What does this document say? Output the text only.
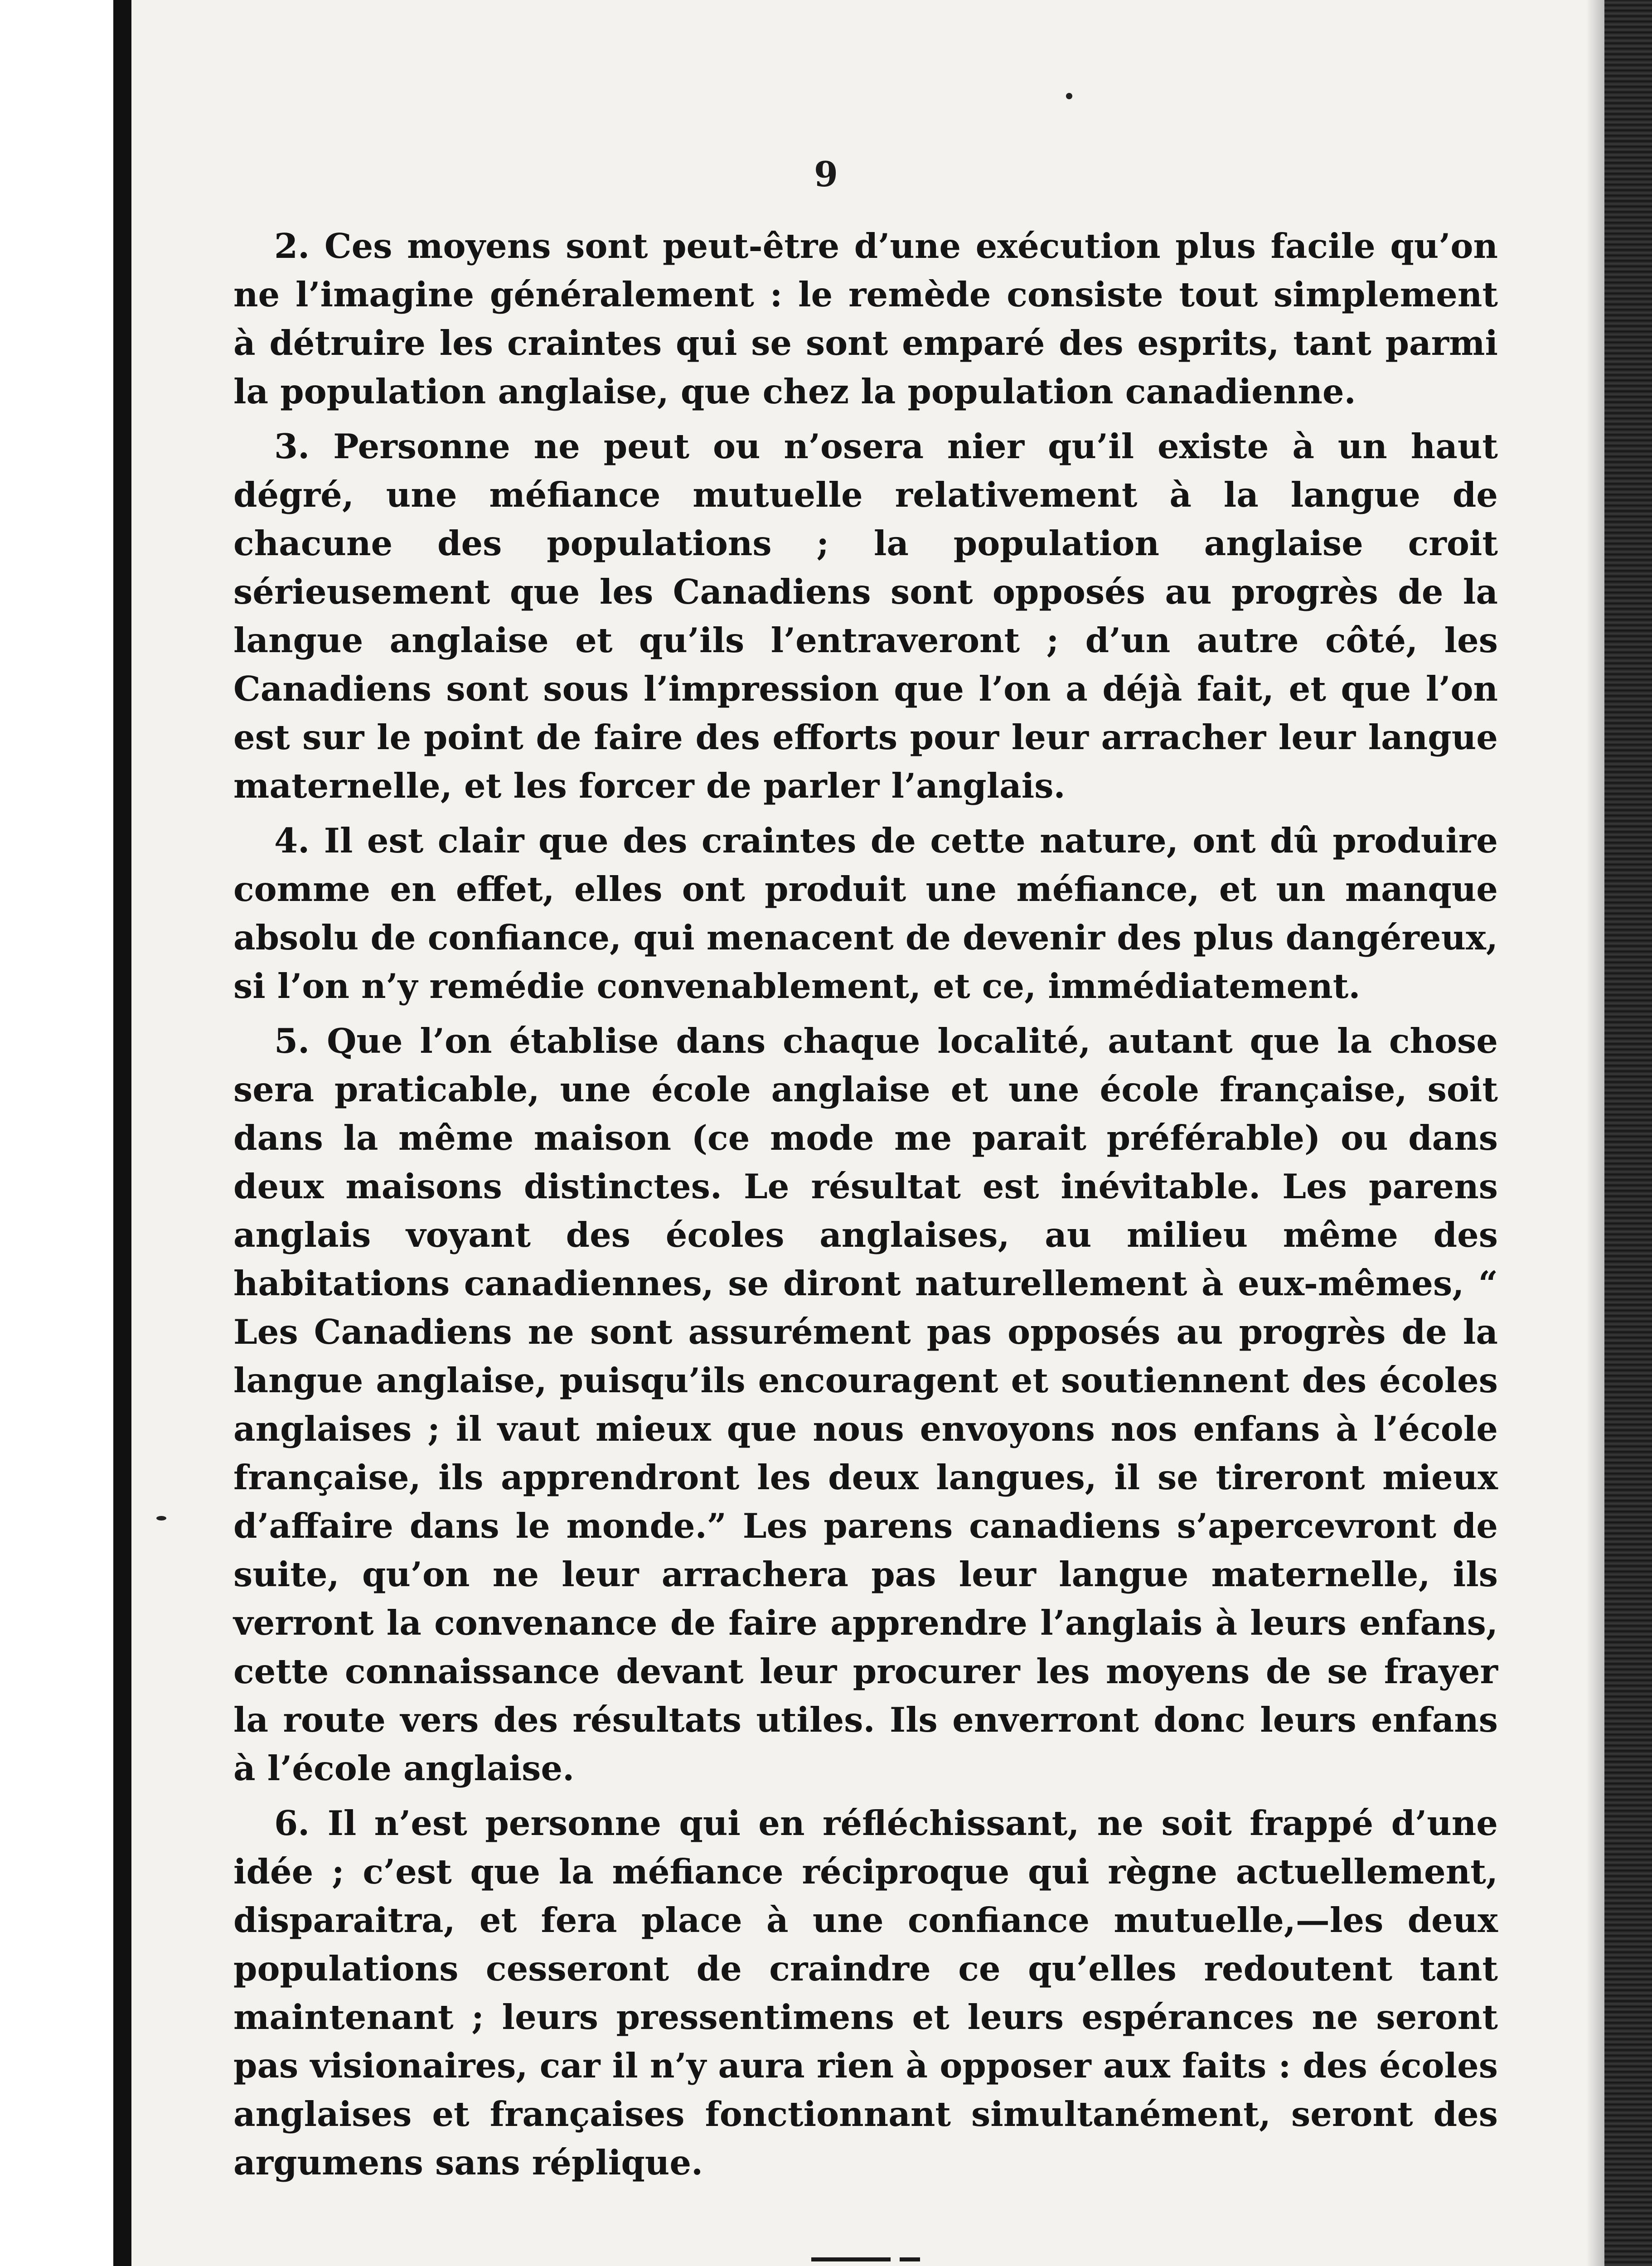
9

2. Ces moyens sont peut-être d’une exécution plus facile qu’on ne l’imagine généralement : le remède consiste tout simplement à détruire les craintes qui se sont emparé des esprits, tant parmi la population anglaise, que chez la population canadienne.

3. Personne ne peut ou n’osera nier qu’il existe à un haut dégré, une méfiance mutuelle relativement à la langue de chacune des populations ; la population anglaise croit sérieusement que les Canadiens sont opposés au progrès de la langue anglaise et qu’ils l’entraveront ; d’un autre côté, les Canadiens sont sous l’impression que l’on a déjà fait, et que l’on est sur le point de faire des efforts pour leur arracher leur langue maternelle, et les forcer de parler l’anglais.

4. Il est clair que des craintes de cette nature, ont dû produire comme en effet, elles ont produit une méfiance, et un manque absolu de confiance, qui menacent de devenir des plus dangéreux, si l’on n’y remédie convenablement, et ce, immédiatement.

5. Que l’on établise dans chaque localité, autant que la chose sera praticable, une école anglaise et une école française, soit dans la même maison (ce mode me parait préférable) ou dans deux maisons distinctes. Le résultat est inévitable. Les parens anglais voyant des écoles anglaises, au milieu même des habitations canadiennes, se diront naturellement à eux-mêmes, “ Les Canadiens ne sont assurément pas opposés au progrès de la langue anglaise, puisqu’ils encouragent et soutiennent des écoles anglaises ; il vaut mieux que nous envoyons nos enfans à l’école française, ils apprendront les deux langues, il se tireront mieux d’affaire dans le monde.” Les parens canadiens s’apercevront de suite, qu’on ne leur arrachera pas leur langue maternelle, ils verront la convenance de faire apprendre l’anglais à leurs enfans, cette connaissance devant leur procurer les moyens de se frayer la route vers des résultats utiles. Ils enverront donc leurs enfans à l’école anglaise.

6. Il n’est personne qui en réfléchissant, ne soit frappé d’une idée ; c’est que la méfiance réciproque qui règne actuellement, disparaitra, et fera place à une confiance mutuelle,—les deux populations cesseront de craindre ce qu’elles redoutent tant maintenant ; leurs pressentimens et leurs espérances ne seront pas visionaires, car il n’y aura rien à opposer aux faits : des écoles anglaises et françaises fonctionnant simultanément, seront des argumens sans réplique.
